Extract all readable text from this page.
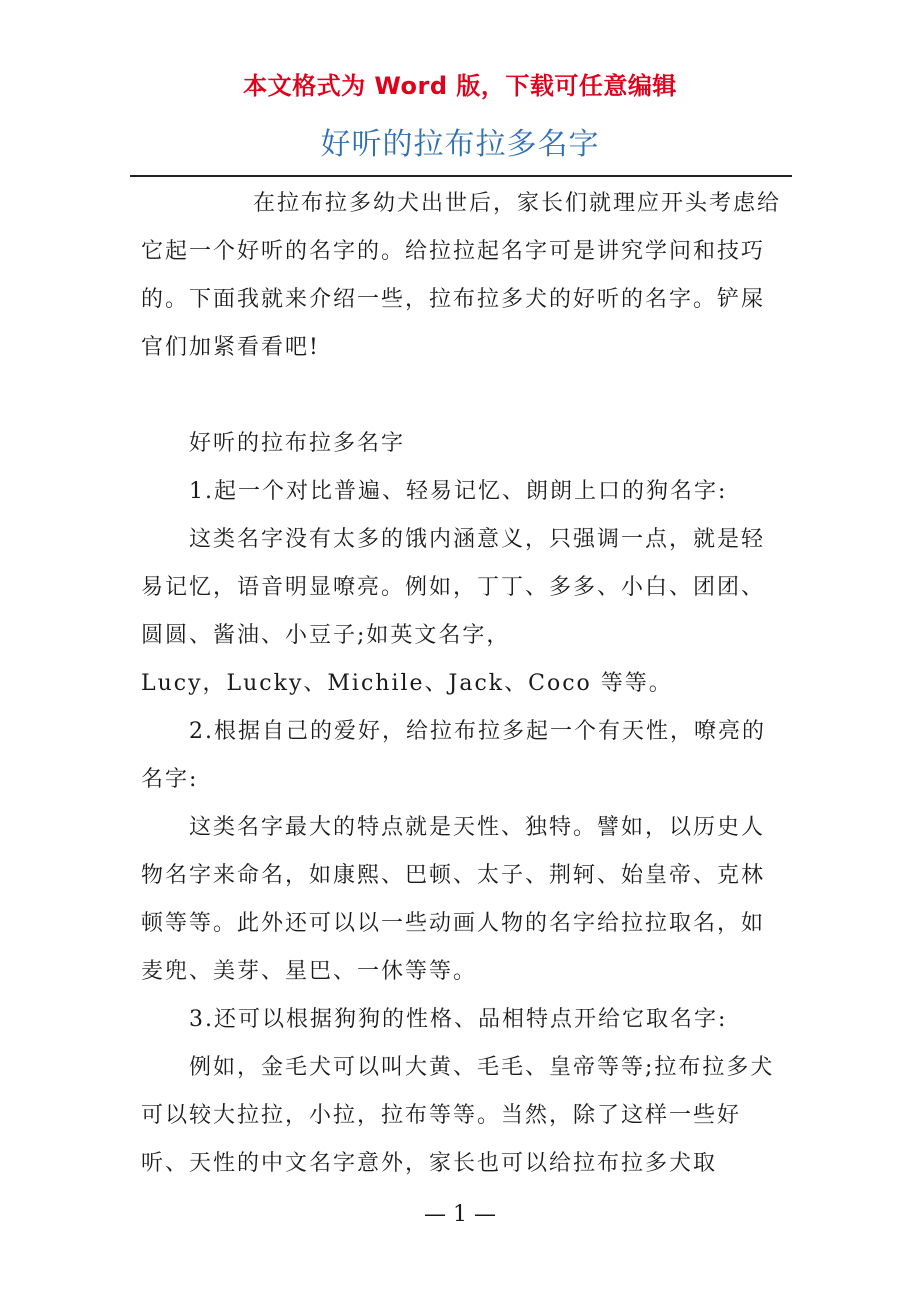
本文格式为 Word 版，下载可任意编辑
好听的拉布拉多名字

在拉布拉多幼犬出世后，家长们就理应开头考虑给它起一个好听的名字的。给拉拉起名字可是讲究学问和技巧的。下面我就来介绍一些，拉布拉多犬的好听的名字。铲屎官们加紧看看吧!

好听的拉布拉多名字

1.起一个对比普遍、轻易记忆、朗朗上口的狗名字:

这类名字没有太多的饿内涵意义，只强调一点，就是轻易记忆，语音明显嘹亮。例如，丁丁、多多、小白、团团、圆圆、酱油、小豆子;如英文名字，

Lucy，Lucky、Michile、Jack、Coco 等等。

2.根据自己的爱好，给拉布拉多起一个有天性，嘹亮的名字:

这类名字最大的特点就是天性、独特。譬如，以历史人物名字来命名，如康熙、巴顿、太子、荆轲、始皇帝、克林顿等等。此外还可以以一些动画人物的名字给拉拉取名，如麦兜、美芽、星巴、一休等等。

3.还可以根据狗狗的性格、品相特点开给它取名字:

例如，金毛犬可以叫大黄、毛毛、皇帝等等;拉布拉多犬可以较大拉拉，小拉，拉布等等。当然，除了这样一些好听、天性的中文名字意外，家长也可以给拉布拉多犬取

— 1 —
